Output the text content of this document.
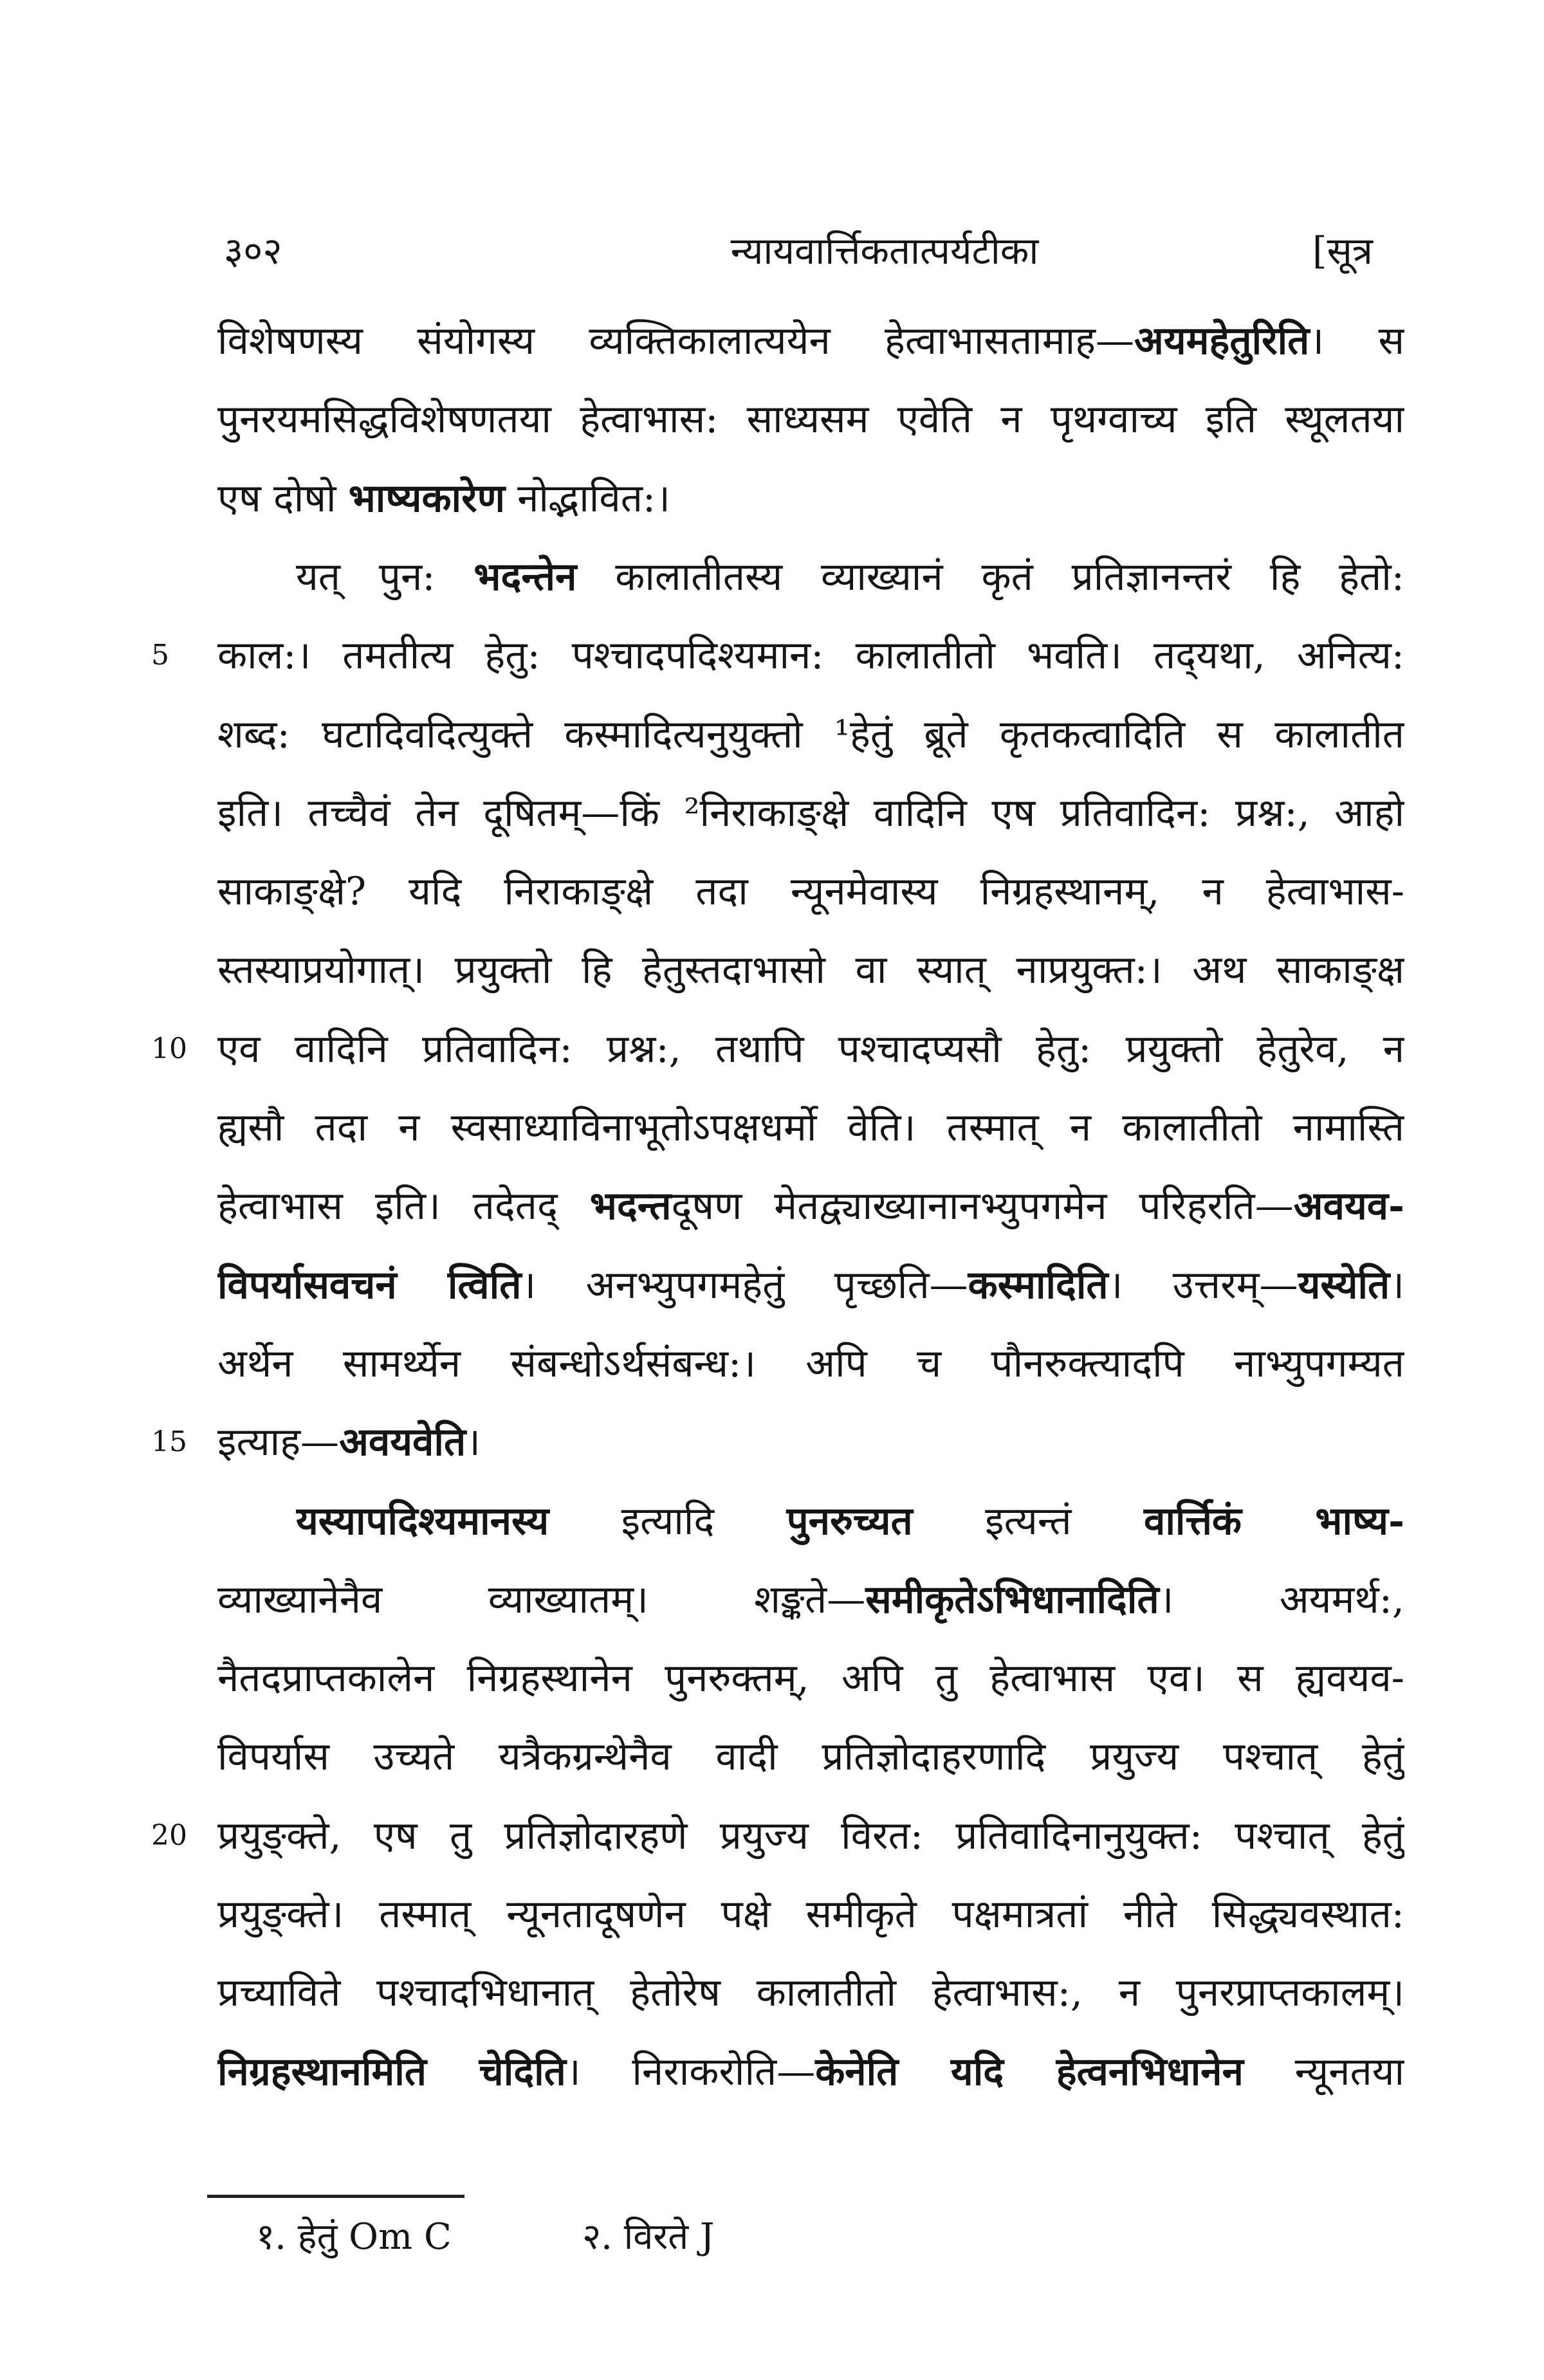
३०२	न्यायवार्त्तिकतात्पर्यटीका	[सूत्र
विशेषणस्य संयोगस्य व्यक्तिकालात्ययेन हेत्वाभासतामाह—अयमहेतुरिति। स
पुनरयमसिद्धविशेषणतया हेत्वाभास: साध्यसम एवेति न पृथग्वाच्य इति स्थूलतया
एष दोषो भाष्यकारेण नोद्भावित:।
यत् पुन: भदन्तेन कालातीतस्य व्याख्यानं कृतं प्रतिज्ञानन्तरं हि हेतो:
काल:। तमतीत्य हेतु: पश्चादपदिश्यमान: कालातीतो भवति। तद्‌यथा, अनित्य:
5
शब्द: घटादिवदित्युक्ते कस्मादित्यनुयुक्तो ¹हेतुं ब्रूते कृतकत्वादिति स कालातीत
इति। तच्चैवं तेन दूषितम्—किं ²निराकाङ्क्षे वादिनि एष प्रतिवादिन: प्रश्न:, आहो
साकाङ्क्षे? यदि निराकाङ्क्षे तदा न्यूनमेवास्य निग्रहस्थानम्, न हेत्वाभास-
स्तस्याप्रयोगात्। प्रयुक्तो हि हेतुस्तदाभासो वा स्यात् नाप्रयुक्त:। अथ साकाङ्क्ष
एव वादिनि प्रतिवादिन: प्रश्न:, तथापि पश्चादप्यसौ हेतु: प्रयुक्तो हेतुरेव, न
10
ह्यसौ तदा न स्वसाध्याविनाभूतोऽपक्षधर्मो वेति। तस्मात् न कालातीतो नामास्ति
हेत्वाभास इति। तदेतद् भदन्तदूषण मेतद्व्याख्यानानभ्युपगमेन परिहरति—अवयव-
विपर्यासवचनं त्विति। अनभ्युपगमहेतुं पृच्छति—कस्मादिति। उत्तरम्—यस्येति।
अर्थेन सामर्थ्येन संबन्धोऽर्थसंबन्ध:। अपि च पौनरुक्त्यादपि नाभ्युपगम्यत
इत्याह—अवयवेति।
15
यस्यापदिश्यमानस्य इत्यादि पुनरुच्यत इत्यन्तं वार्त्तिकं भाष्य-
व्याख्यानेनैव व्याख्यातम्। शङ्कते—समीकृतेऽभिधानादिति। अयमर्थ:,
नैतदप्राप्तकालेन निग्रहस्थानेन पुनरुक्तम्, अपि तु हेत्वाभास एव। स ह्यवयव-
विपर्यास उच्यते यत्रैकग्रन्थेनैव वादी प्रतिज्ञोदाहरणादि प्रयुज्य पश्चात् हेतुं
प्रयुङ्क्ते, एष तु प्रतिज्ञोदारहणे प्रयुज्य विरत: प्रतिवादिनानुयुक्त: पश्चात् हेतुं
20
प्रयुङ्क्ते। तस्मात् न्यूनतादूषणेन पक्षे समीकृते पक्षमात्रतां नीते सिद्ध्यवस्थात:
प्रच्याविते पश्चादभिधानात् हेतोरेष कालातीतो हेत्वाभास:, न पुनरप्राप्तकालम्।
निग्रहस्थानमिति चेदिति। निराकरोति—केनेति यदि हेत्वनभिधानेन न्यूनतया
१. हेतुं Om C	२. विरते J
